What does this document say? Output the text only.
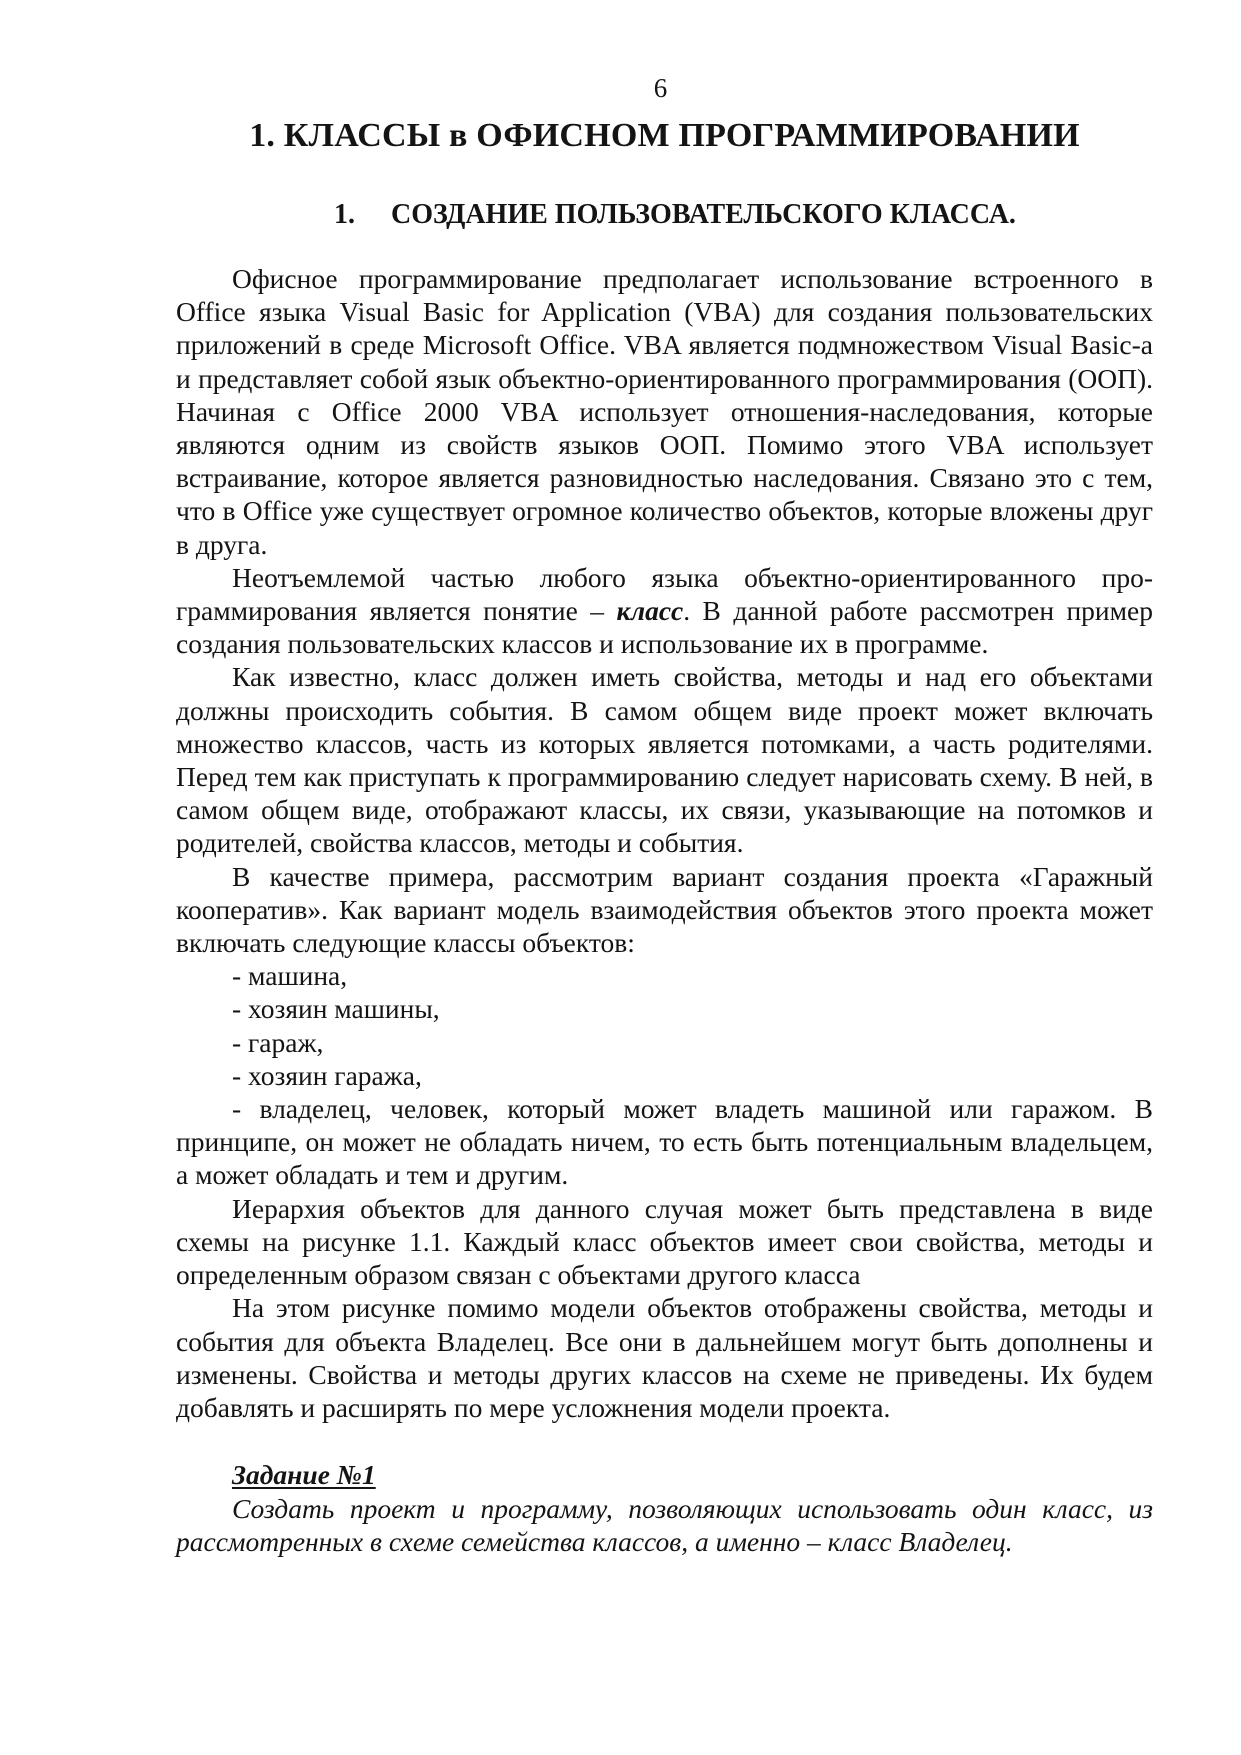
6
1. КЛАССЫ в ОФИСНОМ ПРОГРАММИРОВАНИИ
1. СОЗДАНИЕ ПОЛЬЗОВАТЕЛЬСКОГО КЛАССА.

Офисное программирование предполагает использование встроенного в Office языка Visual Basic for Application (VBA) для создания пользовательских приложений в среде Microsoft Office. VBA является подмножеством Visual Basic-а и представляет собой язык объектно-ориентированного программирования (ООП). Начиная с Office 2000 VBA использует отношения-наследования, которые являются одним из свойств языков ООП. Помимо этого VBA использует встраивание, которое является разновидностью наследования. Связано это с тем, что в Office уже существует огромное количество объектов, которые вложены друг в друга.

Неотъемлемой частью любого языка объектно-ориентированного программирования является понятие – класс. В данной работе рассмотрен пример создания пользовательских классов и использование их в программе.

Как известно, класс должен иметь свойства, методы и над его объектами должны происходить события. В самом общем виде проект может включать множество классов, часть из которых является потомками, а часть родителями. Перед тем как приступать к программированию следует нарисовать схему. В ней, в самом общем виде, отображают классы, их связи, указывающие на потомков и родителей, свойства классов, методы и события.

В качестве примера, рассмотрим вариант создания проекта «Гаражный кооператив». Как вариант модель взаимодействия объектов этого проекта может включать следующие классы объектов:

- машина,

- хозяин машины,

- гараж,

- хозяин гаража,

- владелец, человек, который может владеть машиной или гаражом. В принципе, он может не обладать ничем, то есть быть потенциальным владельцем, а может обладать и тем и другим.

Иерархия объектов для данного случая может быть представлена в виде схемы на рисунке 1.1. Каждый класс объектов имеет свои свойства, методы и определенным образом связан с объектами другого класса

На этом рисунке помимо модели объектов отображены свойства, методы и события для объекта Владелец. Все они в дальнейшем могут быть дополнены и изменены. Свойства и методы других классов на схеме не приведены. Их будем добавлять и расширять по мере усложнения модели проекта.

Задание №1

Создать проект и программу, позволяющих использовать один класс, из рассмотренных в схеме семейства классов, а именно – класс Владелец.
